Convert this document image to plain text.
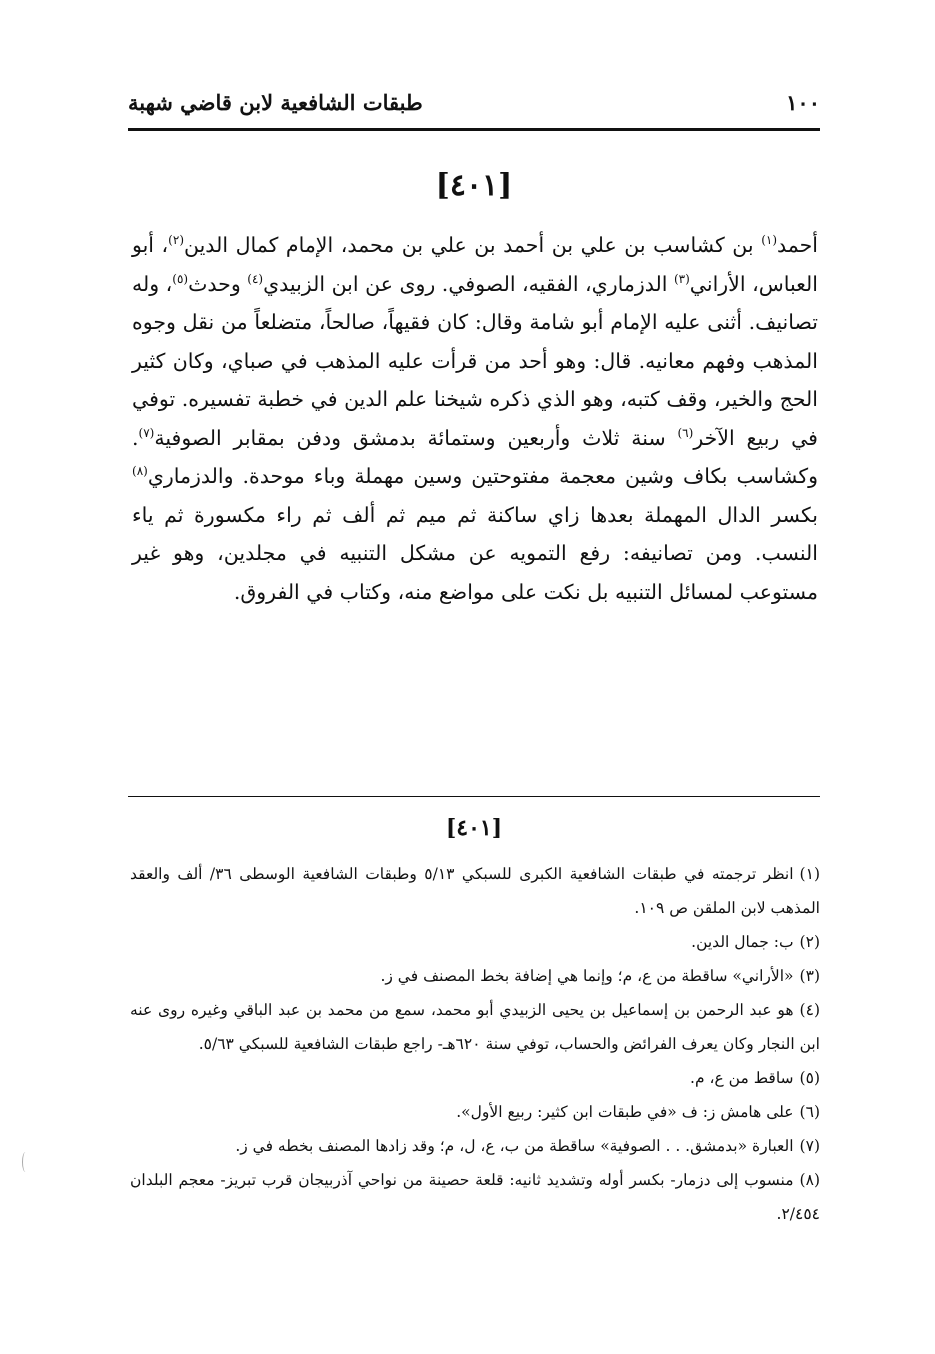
١٠٠
طبقات الشافعية لابن قاضي شهبة
[٤٠١]

أحمد$^{(١)}$ بن كشاسب بن علي بن أحمد بن علي بن محمد، الإمام كمال الدين$^{(٢)}$، أبو العباس، الأراني$^{(٣)}$ الدزماري، الفقيه، الصوفي. روى عن ابن الزبيدي$^{(٤)}$ وحدث$^{(٥)}$، وله تصانيف. أثنى عليه الإمام أبو شامة وقال: كان فقيهاً، صالحاً، متضلعاً من نقل وجوه المذهب وفهم معانيه. قال: وهو أحد من قرأت عليه المذهب في صباي، وكان كثير الحج والخير، وقف كتبه، وهو الذي ذكره شيخنا علم الدين في خطبة تفسيره. توفي في ربيع الآخر$^{(٦)}$ سنة ثلاث وأربعين وستمائة بدمشق ودفن بمقابر الصوفية$^{(٧)}$. وكشاسب بكاف وشين معجمة مفتوحتين وسين مهملة وباء موحدة. والدزماري$^{(٨)}$ بكسر الدال المهملة بعدها زاي ساكنة ثم ميم ثم ألف ثم راء مكسورة ثم ياء النسب. ومن تصانيفه: رفع التمويه عن مشكل التنبيه في مجلدين، وهو غير مستوعب لمسائل التنبيه بل نكت على مواضع منه، وكتاب في الفروق.

[٤٠١]

(١)انظر ترجمته في طبقات الشافعية الكبرى للسبكي ٥/١٣ وطبقات الشافعية الوسطى ٣٦/ ألف والعقد المذهب لابن الملقن ص ١٠٩.

(٢)ب: جمال الدين.

(٣)«الأراني» ساقطة من ع، م؛ وإنما هي إضافة بخط المصنف في ز.

(٤)هو عبد الرحمن بن إسماعيل بن يحيى الزبيدي أبو محمد، سمع من محمد بن عبد الباقي وغيره روى عنه ابن النجار وكان يعرف الفرائض والحساب، توفي سنة ٦٢٠هـ- راجع طبقات الشافعية للسبكي ٥/٦٣.

(٥)ساقط من ع، م.

(٦)على هامش ز: ف «في طبقات ابن كثير: ربيع الأول».

(٧)العبارة «بدمشق. . . الصوفية» ساقطة من ب، ع، ل، م؛ وقد زادها المصنف بخطه في ز.

(٨)منسوب إلى دزمار- بكسر أوله وتشديد ثانيه: قلعة حصينة من نواحي آذربيجان قرب تبريز- معجم البلدان ٢/٤٥٤.
